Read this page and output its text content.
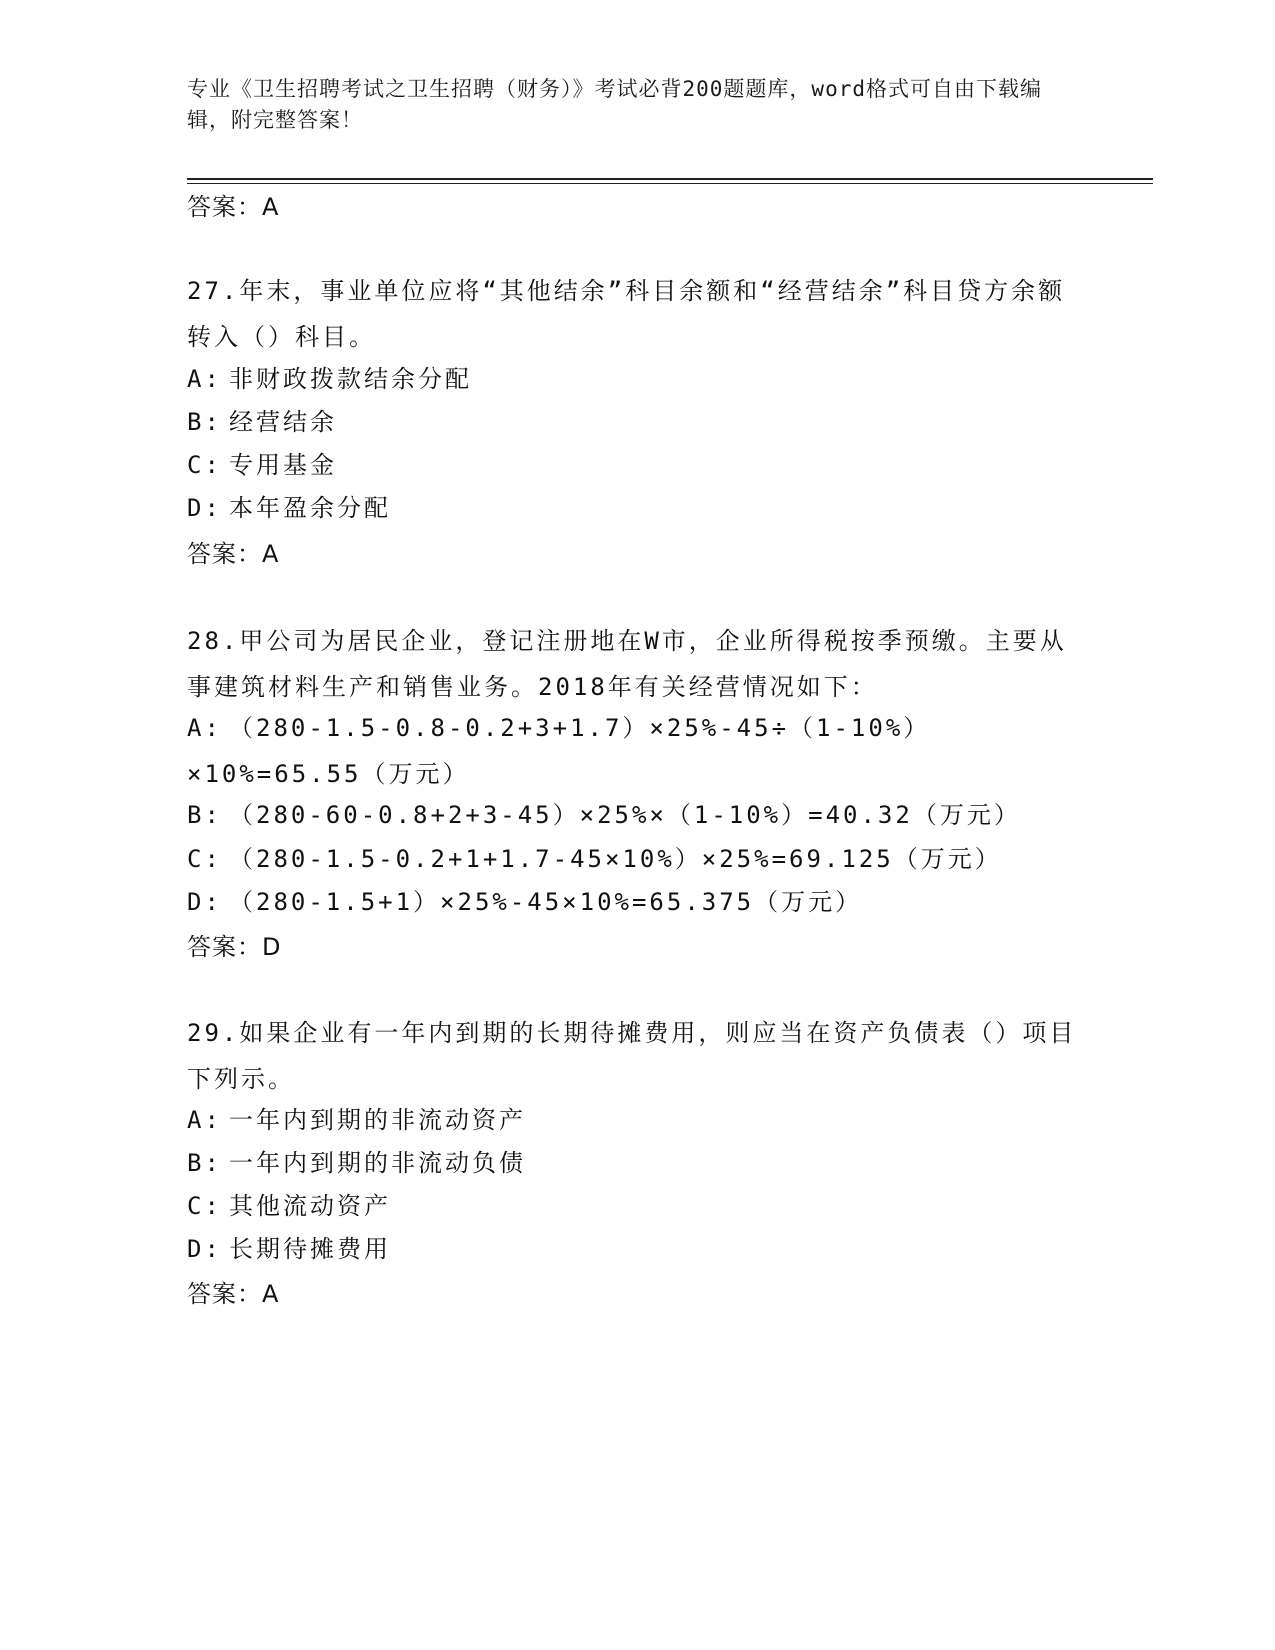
专业《卫生招聘考试之卫生招聘（财务）》考试必背200题题库，word格式可自由下载编辑，附完整答案！
答案：A
27.年末，事业单位应将“其他结余”科目余额和“经营结余”科目贷方余额转入（）科目。
A: 非财政拨款结余分配
B: 经营结余
C: 专用基金
D: 本年盈余分配
答案：A
28.甲公司为居民企业，登记注册地在W市，企业所得税按季预缴。主要从事建筑材料生产和销售业务。2018年有关经营情况如下：
A: （280-1.5-0.8-0.2+3+1.7）×25%-45÷（1-10%）×10%=65.55（万元）
B: （280-60-0.8+2+3-45）×25%×（1-10%）=40.32（万元）
C: （280-1.5-0.2+1+1.7-45×10%）×25%=69.125（万元）
D: （280-1.5+1）×25%-45×10%=65.375（万元）
答案：D
29.如果企业有一年内到期的长期待摊费用，则应当在资产负债表（）项目下列示。
A: 一年内到期的非流动资产
B: 一年内到期的非流动负债
C: 其他流动资产
D: 长期待摊费用
答案：A
